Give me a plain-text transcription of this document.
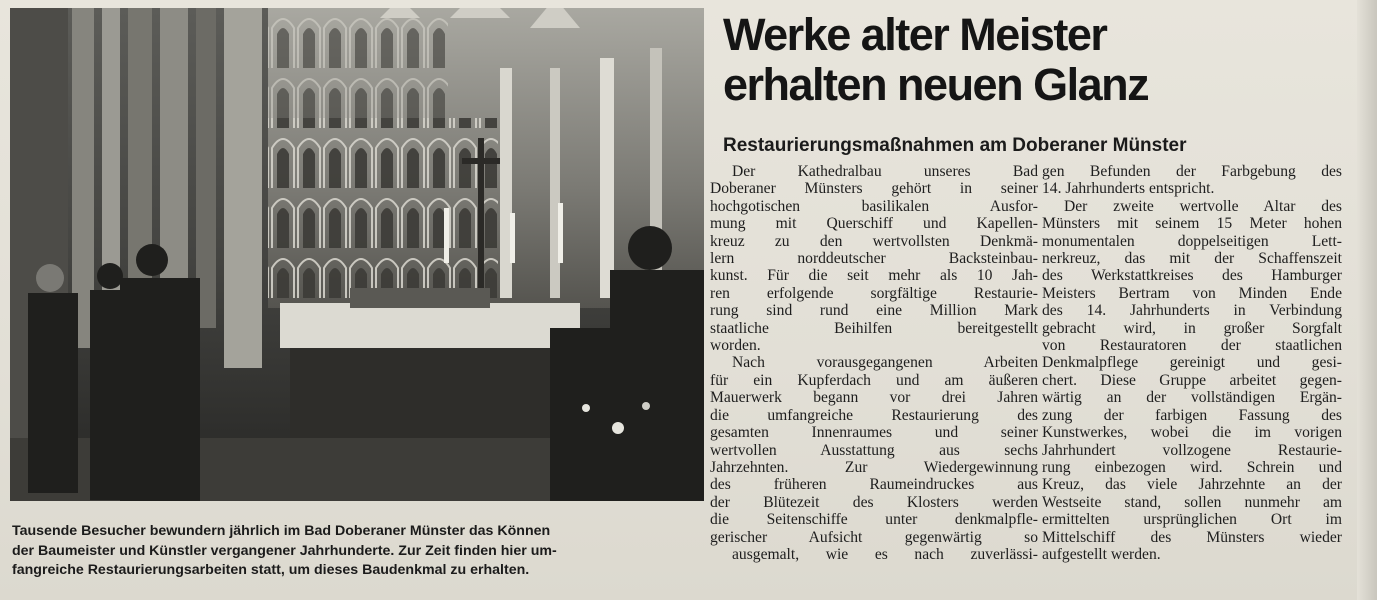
Tausende Besucher bewundern jährlich im Bad Doberaner Münster das Können
der Baumeister und Künstler vergangener Jahrhunderte. Zur Zeit finden hier um-
fangreiche Restaurierungsarbeiten statt, um dieses Baudenkmal zu erhalten.
Werke alter Meister
erhalten neuen Glanz
Restaurierungsmaßnahmen am Doberaner Münster
Der Kathedralbau unseres Bad
Doberaner Münsters gehört in seiner
hochgotischen basilikalen Ausfor-
mung mit Querschiff und Kapellen-
kreuz zu den wertvollsten Denkmä-
lern norddeutscher Backsteinbau-
kunst. Für die seit mehr als 10 Jah-
ren erfolgende sorgfältige Restaurie-
rung sind rund eine Million Mark
staatliche Beihilfen bereitgestellt
worden.
Nach vorausgegangenen Arbeiten
für ein Kupferdach und am äußeren
Mauerwerk begann vor drei Jahren
die umfangreiche Restaurierung des
gesamten Innenraumes und seiner
wertvollen Ausstattung aus sechs
Jahrzehnten. Zur Wiedergewinnung
des früheren Raumeindruckes aus
der Blütezeit des Klosters werden
die Seitenschiffe unter denkmalpfle-
gerischer Aufsicht gegenwärtig so
ausgemalt, wie es nach zuverlässi-
gen Befunden der Farbgebung des
14. Jahrhunderts entspricht.
Der zweite wertvolle Altar des
Münsters mit seinem 15 Meter hohen
monumentalen doppelseitigen Lett-
nerkreuz, das mit der Schaffenszeit
des Werkstattkreises des Hamburger
Meisters Bertram von Minden Ende
des 14. Jahrhunderts in Verbindung
gebracht wird, in großer Sorgfalt
von Restauratoren der staatlichen
Denkmalpflege gereinigt und gesi-
chert. Diese Gruppe arbeitet gegen-
wärtig an der vollständigen Ergän-
zung der farbigen Fassung des
Kunstwerkes, wobei die im vorigen
Jahrhundert vollzogene Restaurie-
rung einbezogen wird. Schrein und
Kreuz, das viele Jahrzehnte an der
Westseite stand, sollen nunmehr am
ermittelten ursprünglichen Ort im
Mittelschiff des Münsters wieder
aufgestellt werden.
